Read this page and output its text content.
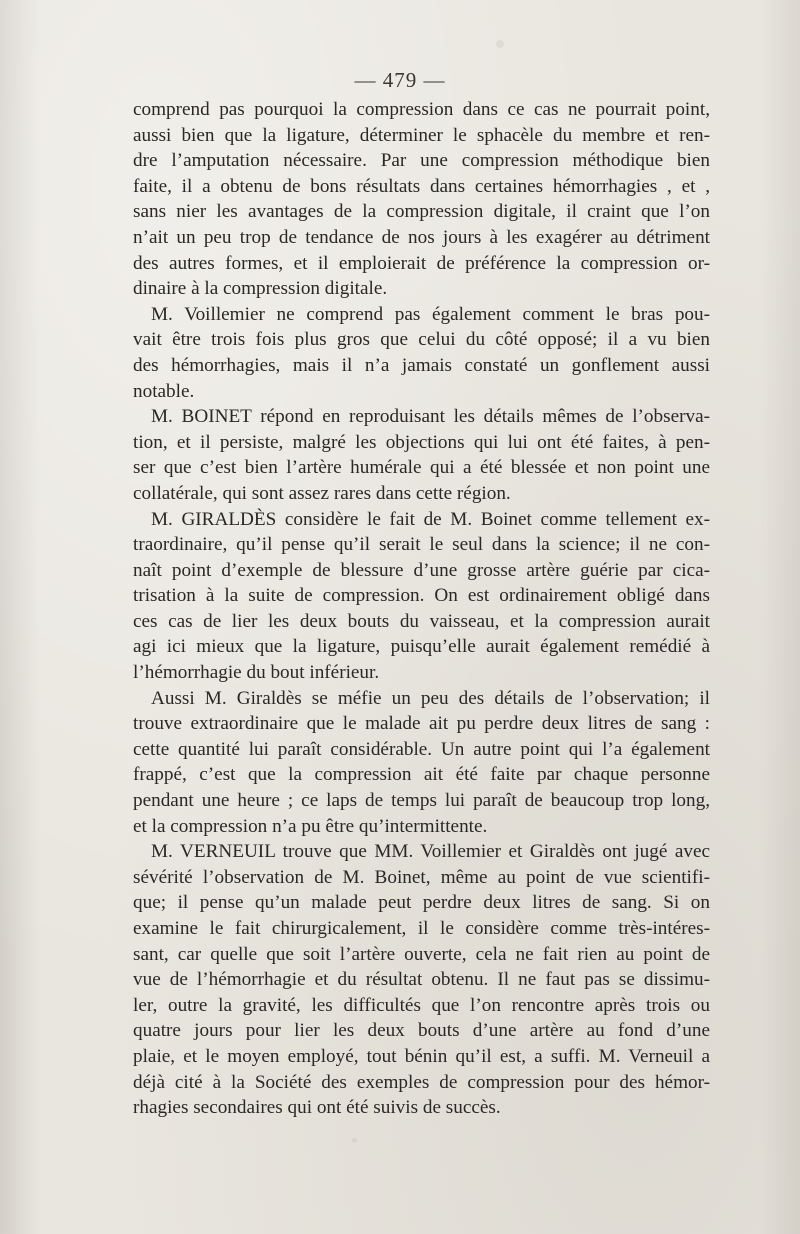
— 479 —
comprend pas pourquoi la compression dans ce cas ne pourrait point,
aussi bien que la ligature, déterminer le sphacèle du membre et ren-
dre l’amputation nécessaire. Par une compression méthodique bien
faite, il a obtenu de bons résultats dans certaines hémorrhagies , et ,
sans nier les avantages de la compression digitale, il craint que l’on
n’ait un peu trop de tendance de nos jours à les exagérer au détriment
des autres formes, et il emploierait de préférence la compression or-
dinaire à la compression digitale.
M. Voillemier ne comprend pas également comment le bras pou-
vait être trois fois plus gros que celui du côté opposé; il a vu bien
des hémorrhagies, mais il n’a jamais constaté un gonflement aussi
notable.
M. BOINET répond en reproduisant les détails mêmes de l’observa-
tion, et il persiste, malgré les objections qui lui ont été faites, à pen-
ser que c’est bien l’artère humérale qui a été blessée et non point une
collatérale, qui sont assez rares dans cette région.
M. GIRALDÈS considère le fait de M. Boinet comme tellement ex-
traordinaire, qu’il pense qu’il serait le seul dans la science; il ne con-
naît point d’exemple de blessure d’une grosse artère guérie par cica-
trisation à la suite de compression. On est ordinairement obligé dans
ces cas de lier les deux bouts du vaisseau, et la compression aurait
agi ici mieux que la ligature, puisqu’elle aurait également remédié à
l’hémorrhagie du bout inférieur.
Aussi M. Giraldès se méfie un peu des détails de l’observation; il
trouve extraordinaire que le malade ait pu perdre deux litres de sang :
cette quantité lui paraît considérable. Un autre point qui l’a également
frappé, c’est que la compression ait été faite par chaque personne
pendant une heure ; ce laps de temps lui paraît de beaucoup trop long,
et la compression n’a pu être qu’intermittente.
M. VERNEUIL trouve que MM. Voillemier et Giraldès ont jugé avec
sévérité l’observation de M. Boinet, même au point de vue scientifi-
que; il pense qu’un malade peut perdre deux litres de sang. Si on
examine le fait chirurgicalement, il le considère comme très-intéres-
sant, car quelle que soit l’artère ouverte, cela ne fait rien au point de
vue de l’hémorrhagie et du résultat obtenu. Il ne faut pas se dissimu-
ler, outre la gravité, les difficultés que l’on rencontre après trois ou
quatre jours pour lier les deux bouts d’une artère au fond d’une
plaie, et le moyen employé, tout bénin qu’il est, a suffi. M. Verneuil a
déjà cité à la Société des exemples de compression pour des hémor-
rhagies secondaires qui ont été suivis de succès.
